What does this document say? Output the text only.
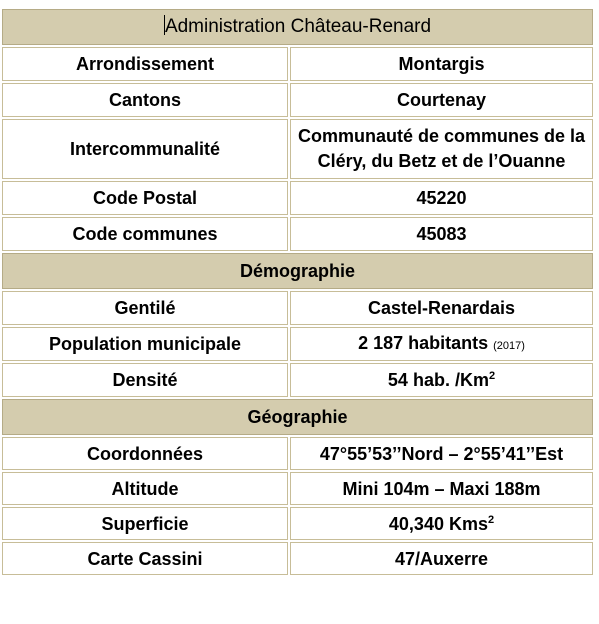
Administration Château-Renard	
Arrondissement	Montargis
Cantons	Courtenay
Intercommunalité	Communauté de communes de la Cléry, du Betz et de l’Ouanne
Code Postal	45220
Code communes	45083
Démographie	
Gentilé	Castel-Renardais
Population municipale	2 187 habitants (2017)
Densité	54 hab. /Km$^2$
Géographie	
Coordonnées	47°55’53’’Nord – 2°55’41’’Est
Altitude	Mini 104m – Maxi 188m
Superficie	40,340 Kms$^2$
Carte Cassini	47/Auxerre
